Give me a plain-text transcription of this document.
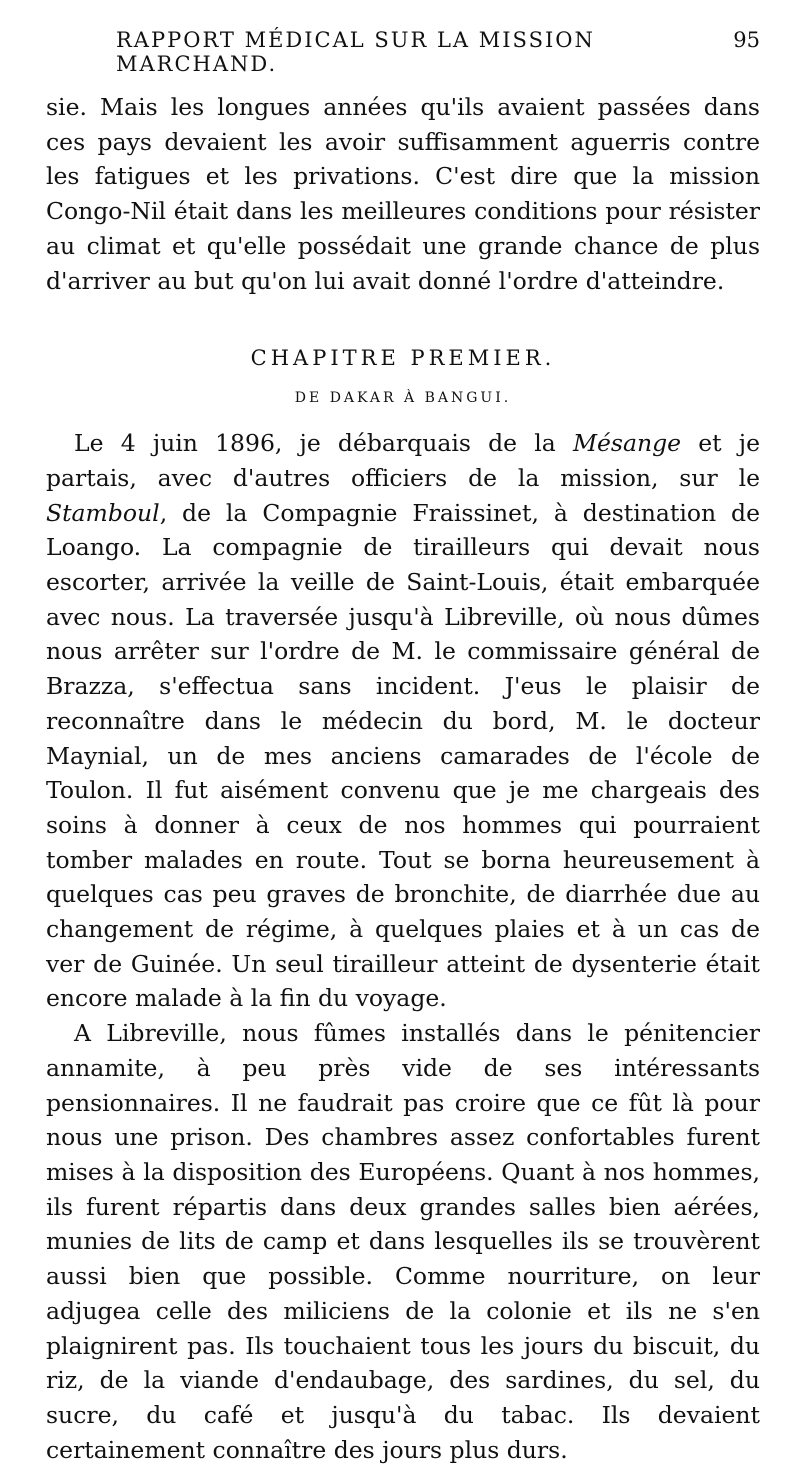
RAPPORT MÉDICAL SUR LA MISSION MARCHAND.
95

sie. Mais les longues années qu'ils avaient passées dans ces pays devaient les avoir suffisamment aguerris contre les fatigues et les privations. C'est dire que la mission Congo-Nil était dans les meilleures conditions pour résister au climat et qu'elle possédait une grande chance de plus d'arriver au but qu'on lui avait donné l'ordre d'atteindre.

CHAPITRE PREMIER.
DE DAKAR À BANGUI.

Le 4 juin 1896, je débarquais de la Mésange et je partais, avec d'autres officiers de la mission, sur le Stamboul, de la Compagnie Fraissinet, à destination de Loango. La compagnie de tirailleurs qui devait nous escorter, arrivée la veille de Saint-Louis, était embarquée avec nous. La traversée jusqu'à Libreville, où nous dûmes nous arrêter sur l'ordre de M. le commissaire général de Brazza, s'effectua sans incident. J'eus le plaisir de reconnaître dans le médecin du bord, M. le docteur Maynial, un de mes anciens camarades de l'école de Toulon. Il fut aisément convenu que je me chargeais des soins à donner à ceux de nos hommes qui pourraient tomber malades en route. Tout se borna heureusement à quelques cas peu graves de bronchite, de diarrhée due au changement de régime, à quelques plaies et à un cas de ver de Guinée. Un seul tirailleur atteint de dysenterie était encore malade à la fin du voyage.

A Libreville, nous fûmes installés dans le pénitencier annamite, à peu près vide de ses intéressants pensionnaires. Il ne faudrait pas croire que ce fût là pour nous une prison. Des chambres assez confortables furent mises à la disposition des Européens. Quant à nos hommes, ils furent répartis dans deux grandes salles bien aérées, munies de lits de camp et dans lesquelles ils se trouvèrent aussi bien que possible. Comme nourriture, on leur adjugea celle des miliciens de la colonie et ils ne s'en plaignirent pas. Ils touchaient tous les jours du biscuit, du riz, de la viande d'endaubage, des sardines, du sel, du sucre, du café et jusqu'à du tabac. Ils devaient certainement connaître des jours plus durs.
